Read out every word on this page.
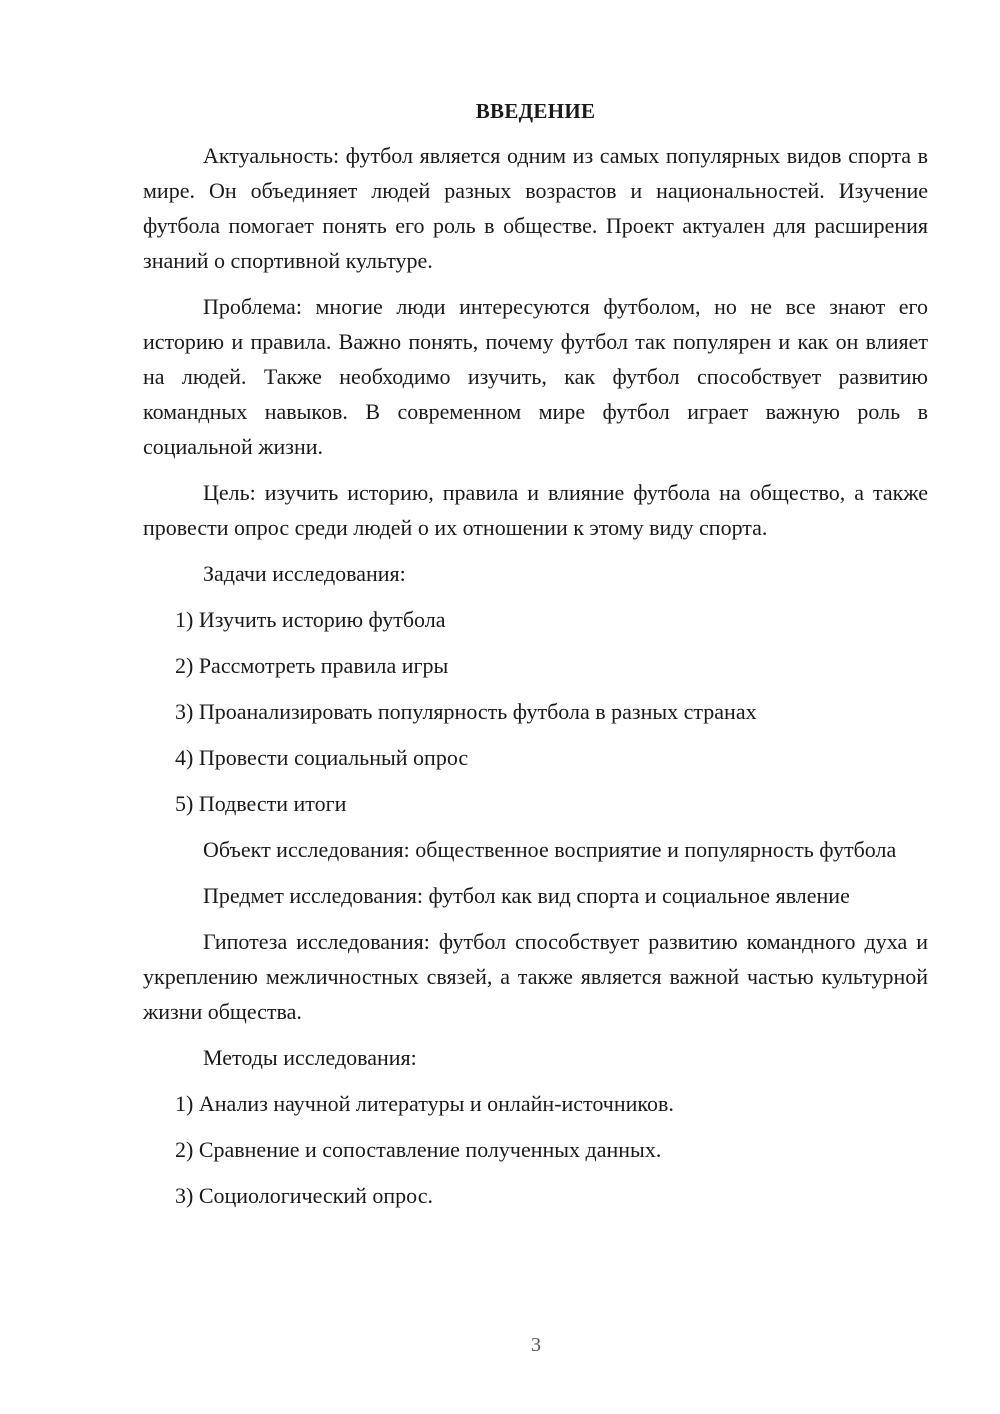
ВВЕДЕНИЕ

Актуальность: футбол является одним из самых популярных видов спорта в мире. Он объединяет людей разных возрастов и национальностей. Изучение футбола помогает понять его роль в обществе. Проект актуален для расширения знаний о спортивной культуре.

Проблема: многие люди интересуются футболом, но не все знают его историю и правила. Важно понять, почему футбол так популярен и как он влияет на людей. Также необходимо изучить, как футбол способствует развитию командных навыков. В современном мире футбол играет важную роль в социальной жизни.

Цель: изучить историю, правила и влияние футбола на общество, а также провести опрос среди людей о их отношении к этому виду спорта.

Задачи исследования:

1) Изучить историю футбола

2) Рассмотреть правила игры

3) Проанализировать популярность футбола в разных странах

4) Провести социальный опрос

5) Подвести итоги

Объект исследования: общественное восприятие и популярность футбола

Предмет исследования: футбол как вид спорта и социальное явление

Гипотеза исследования: футбол способствует развитию командного духа и укреплению межличностных связей, а также является важной частью культурной жизни общества.

Методы исследования:

1) Анализ научной литературы и онлайн-источников.

2) Сравнение и сопоставление полученных данных.

3) Социологический опрос.

3
